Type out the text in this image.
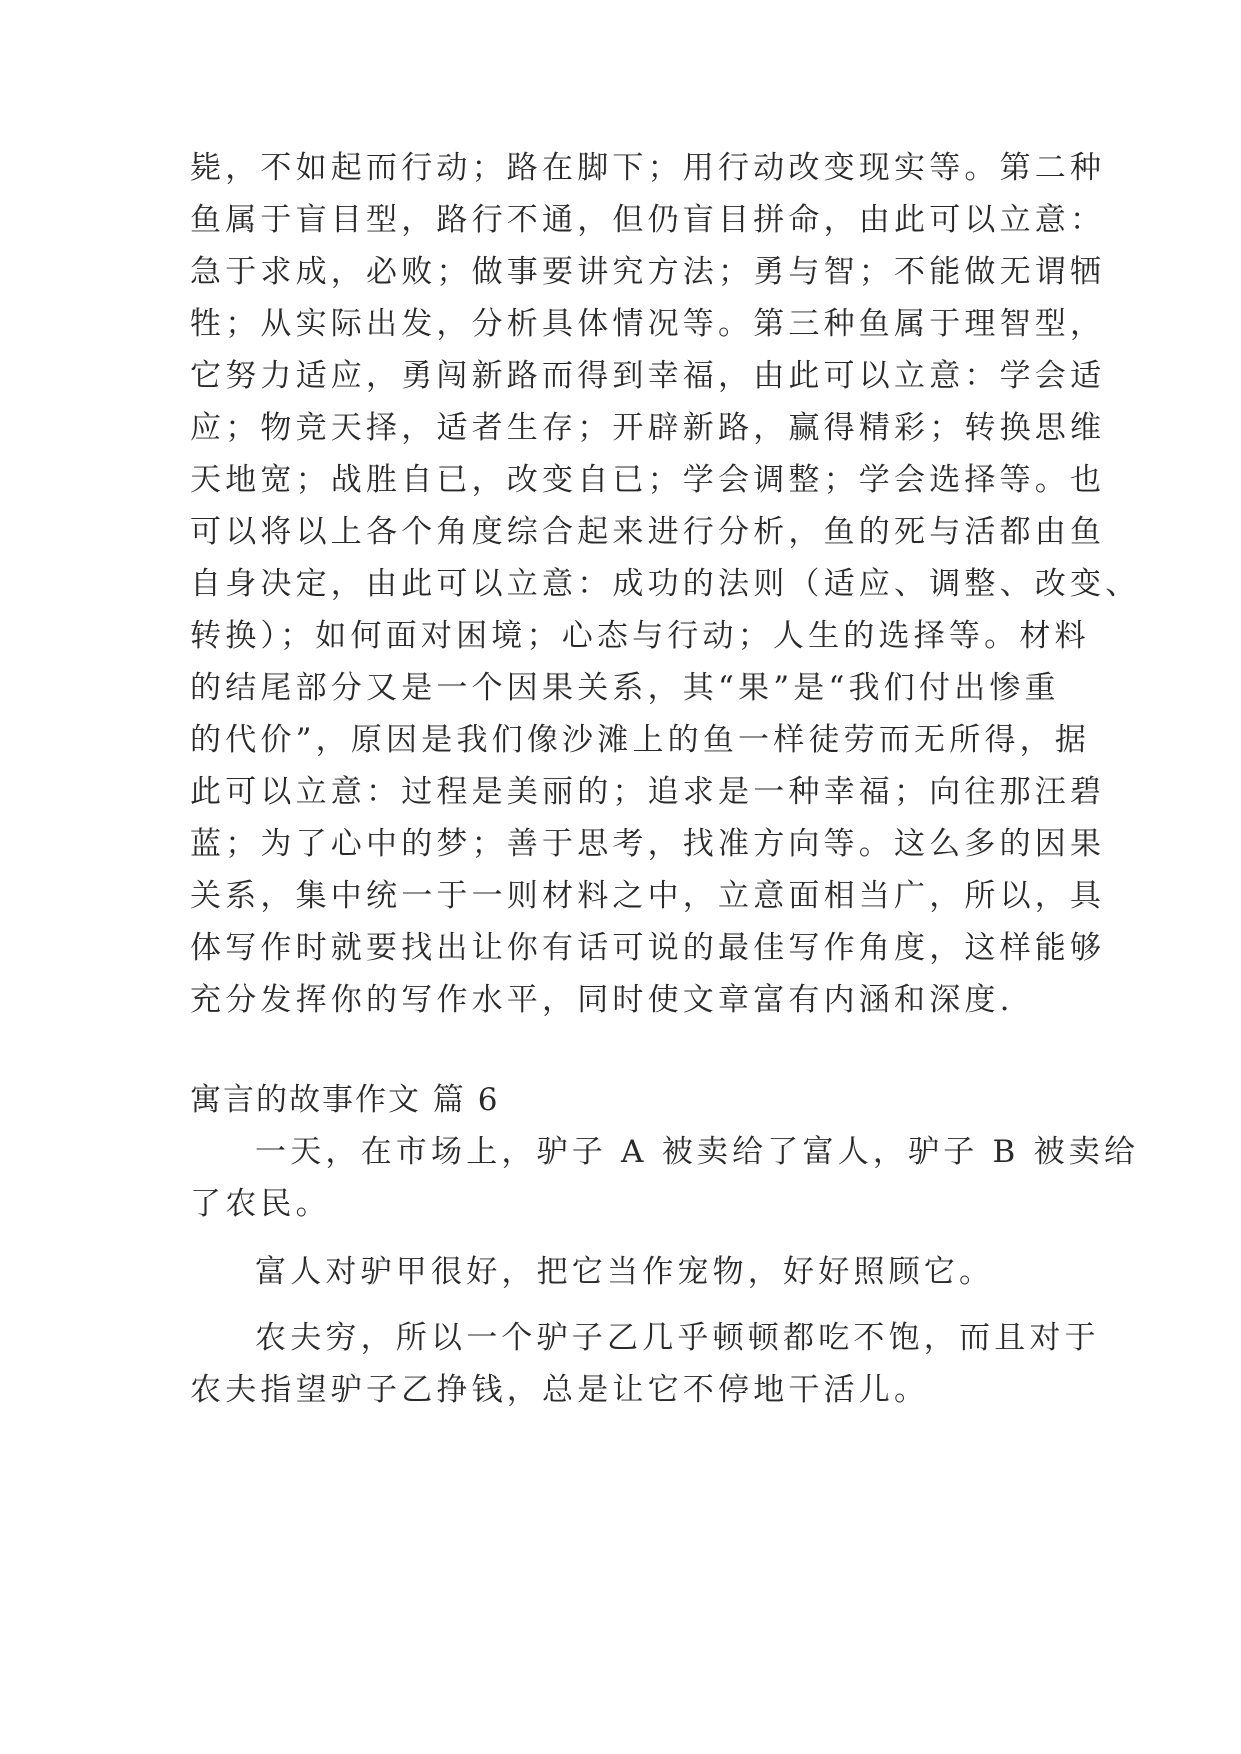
毙，不如起而行动；路在脚下；用行动改变现实等。第二种
鱼属于盲目型，路行不通，但仍盲目拼命，由此可以立意：
急于求成，必败；做事要讲究方法；勇与智；不能做无谓牺
牲；从实际出发，分析具体情况等。第三种鱼属于理智型，
它努力适应，勇闯新路而得到幸福，由此可以立意：学会适
应；物竞天择，适者生存；开辟新路，赢得精彩；转换思维
天地宽；战胜自已，改变自已；学会调整；学会选择等。也
可以将以上各个角度综合起来进行分析，鱼的死与活都由鱼
自身决定，由此可以立意：成功的法则（适应、调整、改变、
转换）；如何面对困境；心态与行动；人生的选择等。材料
的结尾部分又是一个因果关系，其“果”是“我们付出惨重
的代价”，原因是我们像沙滩上的鱼一样徒劳而无所得，据
此可以立意：过程是美丽的；追求是一种幸福；向往那汪碧
蓝；为了心中的梦；善于思考，找准方向等。这么多的因果
关系，集中统一于一则材料之中，立意面相当广，所以，具
体写作时就要找出让你有话可说的最佳写作角度，这样能够
充分发挥你的写作水平，同时使文章富有内涵和深度.
寓言的故事作文 篇 6
一天，在市场上，驴子 A 被卖给了富人，驴子 B 被卖给
了农民。
富人对驴甲很好，把它当作宠物，好好照顾它。
农夫穷，所以一个驴子乙几乎顿顿都吃不饱，而且对于
农夫指望驴子乙挣钱，总是让它不停地干活儿。
